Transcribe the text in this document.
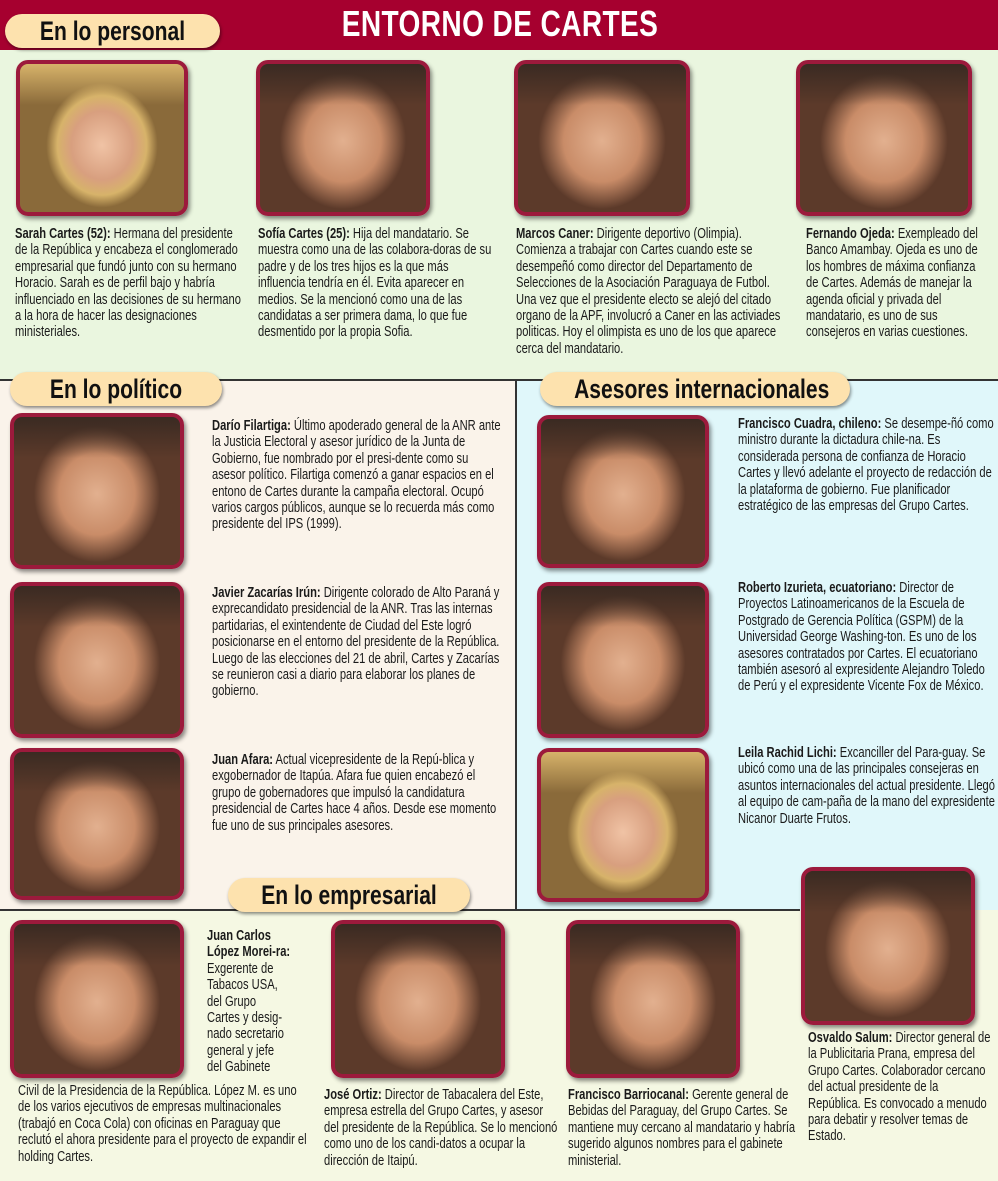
ENTORNO DE CARTES
En lo personal
En lo político	Asesores internacionales
En lo empresarial
Sarah Cartes (52): Hermana del presidente de la República y encabeza el conglomerado empresarial que fundó junto con su hermano Horacio. Sarah es de perfil bajo y habría influenciado en las decisiones de su hermano a la hora de hacer las designaciones ministeriales.
Sofía Cartes (25): Hija del mandatario. Se muestra como una de las colabora-doras de su padre y de los tres hijos es la que más influencia tendría en él. Evita aparecer en medios. Se la mencionó como una de las candidatas a ser primera dama, lo que fue desmentido por la propia Sofia.
Marcos Caner: Dirigente deportivo (Olimpia). Comienza a trabajar con Cartes cuando este se desempeñó como director del Departamento de Selecciones de la Asociación Paraguaya de Futbol. Una vez que el presidente electo se alejó del citado organo de la APF, involucró a Caner en las activiades politicas. Hoy el olimpista es uno de los que aparece cerca del mandatario.
Fernando Ojeda: Exempleado del Banco Amambay. Ojeda es uno de los hombres de máxima confianza de Cartes. Además de manejar la agenda oficial y privada del mandatario, es uno de sus consejeros en varias cuestiones.
Darío Filartiga: Último apoderado general de la ANR ante la Justicia Electoral y asesor jurídico de la Junta de Gobierno, fue nombrado por el presi-dente como su asesor político. Filartiga comenzó a ganar espacios en el entono de Cartes durante la campaña electoral. Ocupó varios cargos públicos, aunque se lo recuerda más como presidente del IPS (1999).
Javier Zacarías Irún: Dirigente colorado de Alto Paraná y exprecandidato presidencial de la ANR. Tras las internas partidarias, el exintendente de Ciudad del Este logró posicionarse en el entorno del presidente de la República. Luego de las elecciones del 21 de abril, Cartes y Zacarías se reunieron casi a diario para elaborar los planes de gobierno.
Juan Afara: Actual vicepresidente de la Repú-blica y exgobernador de Itapúa. Afara fue quien encabezó el grupo de gobernadores que impulsó la candidatura presidencial de Cartes hace 4 años. Desde ese momento fue uno de sus principales asesores.
Francisco Cuadra, chileno: Se desempe-ñó como ministro durante la dictadura chile-na. Es considerada persona de confianza de Horacio Cartes y llevó adelante el proyecto de redacción de la plataforma de gobierno. Fue planificador estratégico de las empresas del Grupo Cartes.
Roberto Izurieta, ecuatoriano: Director de Proyectos Latinoamericanos de la Escuela de Postgrado de Gerencia Política (GSPM) de la Universidad George Washing-ton. Es uno de los asesores contratados por Cartes. El ecuatoriano también asesoró al expresidente Alejandro Toledo de Perú y el expresidente Vicente Fox de México.
Leila Rachid Lichi: Excanciller del Para-guay. Se ubicó como una de las principales consejeras en asuntos internacionales del actual presidente. Llegó al equipo de cam-paña de la mano del expresidente Nicanor Duarte Frutos.
Juan Carlos López Morei-ra: Exgerente de Tabacos USA, del Grupo Cartes y desig-nado secretario general y jefe del Gabinete
Civil de la Presidencia de la República. López M. es uno de los varios ejecutivos de empresas multinacionales (trabajó en Coca Cola) con oficinas en Paraguay que reclutó el ahora presidente para el proyecto de expandir el holding Cartes.
José Ortiz: Director de Tabacalera del Este, empresa estrella del Grupo Cartes, y asesor del presidente de la República. Se lo mencionó como uno de los candi-datos a ocupar la dirección de Itaipú.
Francisco Barriocanal: Gerente general de Bebidas del Paraguay, del Grupo Cartes. Se mantiene muy cercano al mandatario y habría sugerido algunos nombres para el gabinete ministerial.
Osvaldo Salum: Director general de la Publicitaria Prana, empresa del Grupo Cartes. Colaborador cercano del actual presidente de la República. Es convocado a menudo para debatir y resolver temas de Estado.
